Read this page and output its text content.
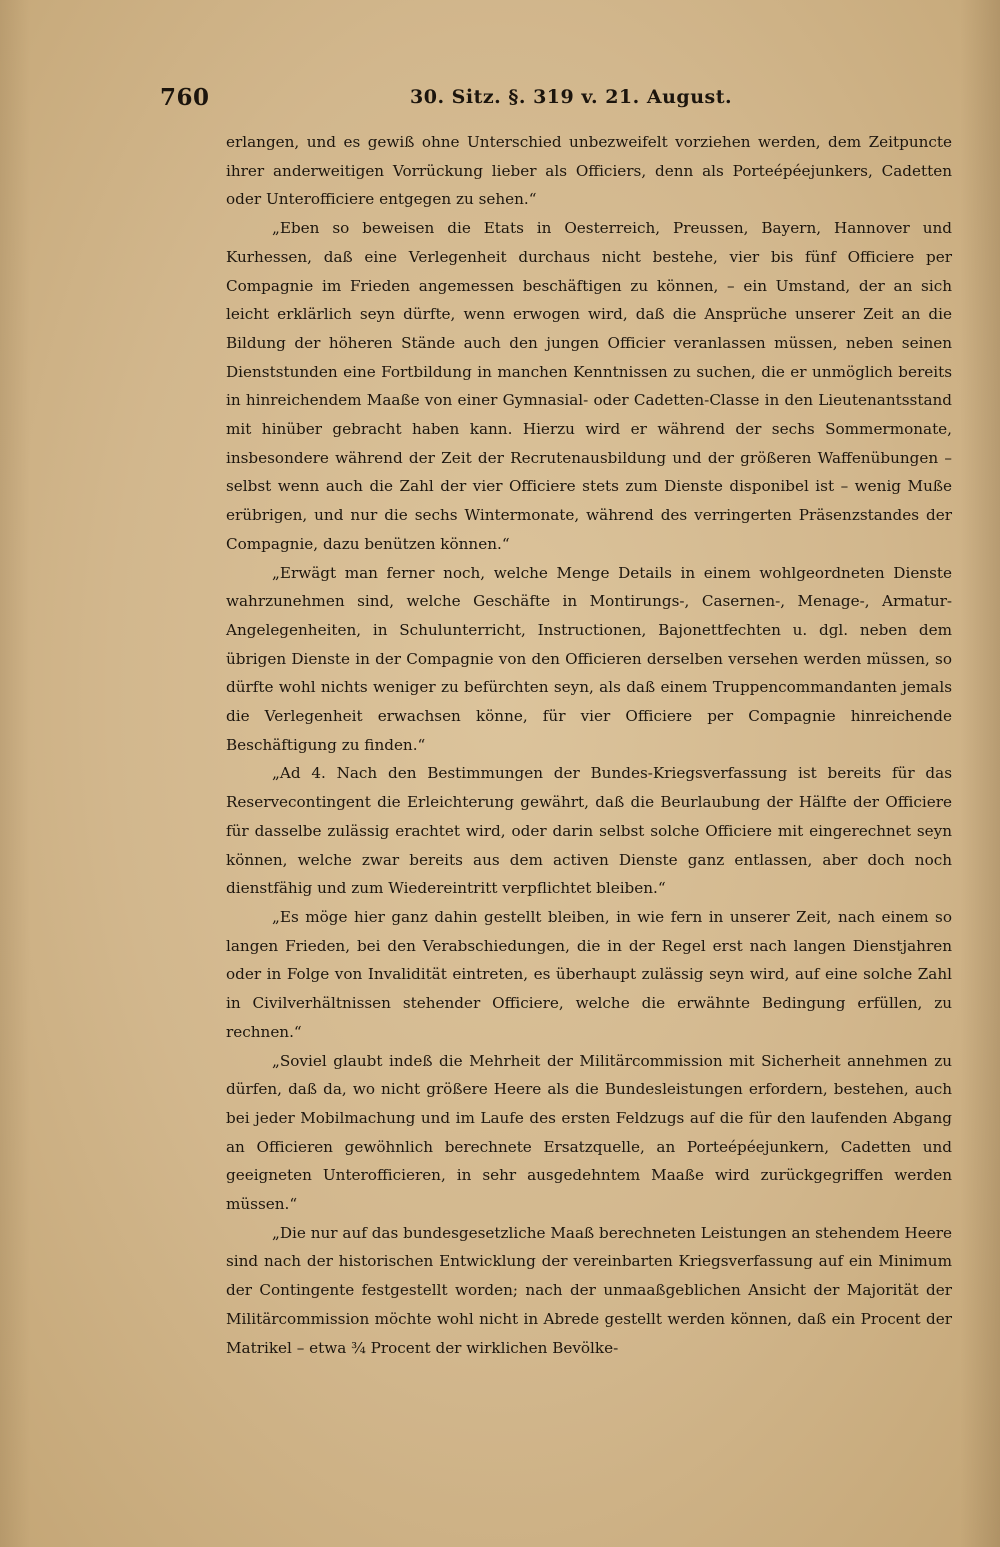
760	30. Sitz. §. 319 v. 21. August.

erlangen, und es gewiß ohne Unterschied unbezweifelt vorziehen werden, dem Zeitpuncte ihrer anderweitigen Vorrückung lieber als Officiers, denn als Porteépéejunkers, Cadetten oder Unterofficiere entgegen zu sehen.“

„Eben so beweisen die Etats in Oesterreich, Preussen, Bayern, Hannover und Kurhessen, daß eine Verlegenheit durchaus nicht bestehe, vier bis fünf Officiere per Compagnie im Frieden angemessen beschäftigen zu können, – ein Umstand, der an sich leicht erklärlich seyn dürfte, wenn erwogen wird, daß die Ansprüche unserer Zeit an die Bildung der höheren Stände auch den jungen Officier veranlassen müssen, neben seinen Dienststunden eine Fortbildung in manchen Kenntnissen zu suchen, die er unmöglich bereits in hinreichendem Maaße von einer Gymnasial- oder Cadetten-Classe in den Lieutenantsstand mit hinüber gebracht haben kann. Hierzu wird er während der sechs Sommermonate, insbesondere während der Zeit der Recrutenausbildung und der größeren Waffenübungen – selbst wenn auch die Zahl der vier Officiere stets zum Dienste disponibel ist – wenig Muße erübrigen, und nur die sechs Wintermonate, während des verringerten Präsenzstandes der Compagnie, dazu benützen können.“

„Erwägt man ferner noch, welche Menge Details in einem wohlgeordneten Dienste wahrzunehmen sind, welche Geschäfte in Montirungs-, Casernen-, Menage-, Armatur-Angelegenheiten, in Schulunterricht, Instructionen, Bajonettfechten u. dgl. neben dem übrigen Dienste in der Compagnie von den Officieren derselben versehen werden müssen, so dürfte wohl nichts weniger zu befürchten seyn, als daß einem Truppencommandanten jemals die Verlegenheit erwachsen könne, für vier Officiere per Compagnie hinreichende Beschäftigung zu finden.“

„Ad 4. Nach den Bestimmungen der Bundes-Kriegsverfassung ist bereits für das Reservecontingent die Erleichterung gewährt, daß die Beurlaubung der Hälfte der Officiere für dasselbe zulässig erachtet wird, oder darin selbst solche Officiere mit eingerechnet seyn können, welche zwar bereits aus dem activen Dienste ganz entlassen, aber doch noch dienstfähig und zum Wiedereintritt verpflichtet bleiben.“

„Es möge hier ganz dahin gestellt bleiben, in wie fern in unserer Zeit, nach einem so langen Frieden, bei den Verabschiedungen, die in der Regel erst nach langen Dienstjahren oder in Folge von Invalidität eintreten, es überhaupt zulässig seyn wird, auf eine solche Zahl in Civilverhältnissen stehender Officiere, welche die erwähnte Bedingung erfüllen, zu rechnen.“

„Soviel glaubt indeß die Mehrheit der Militärcommission mit Sicherheit annehmen zu dürfen, daß da, wo nicht größere Heere als die Bundesleistungen erfordern, bestehen, auch bei jeder Mobilmachung und im Laufe des ersten Feldzugs auf die für den laufenden Abgang an Officieren gewöhnlich berechnete Ersatzquelle, an Porteépéejunkern, Cadetten und geeigneten Unterofficieren, in sehr ausgedehntem Maaße wird zurückgegriffen werden müssen.“

„Die nur auf das bundesgesetzliche Maaß berechneten Leistungen an stehendem Heere sind nach der historischen Entwicklung der vereinbarten Kriegsverfassung auf ein Minimum der Contingente festgestellt worden; nach der unmaaßgeblichen Ansicht der Majorität der Militärcommission möchte wohl nicht in Abrede gestellt werden können, daß ein Procent der Matrikel – etwa ¾ Procent der wirklichen Bevölke-
